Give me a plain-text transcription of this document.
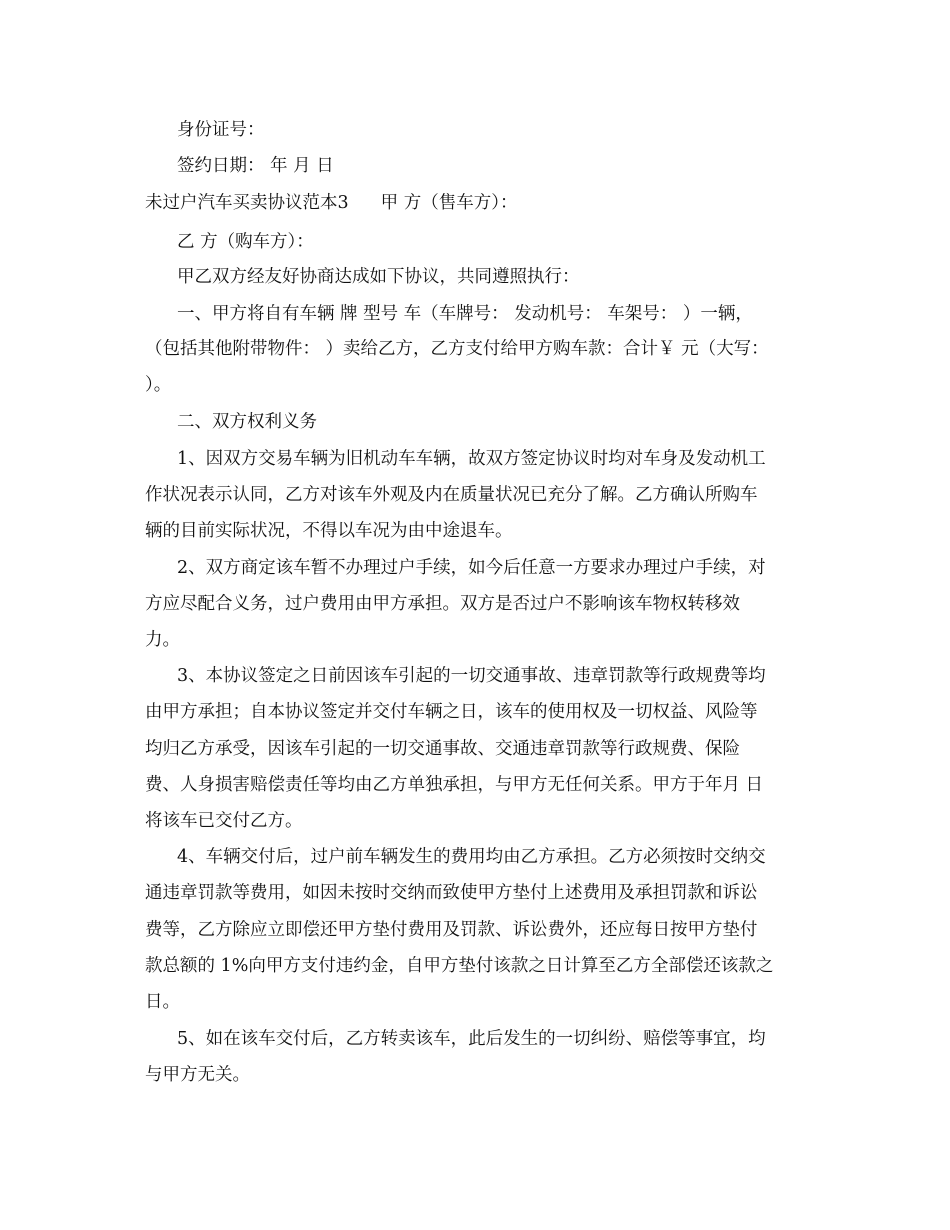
身份证号：
签约日期： 年 月 日
未过户汽车买卖协议范本3 甲 方（售车方）：
乙 方（购车方）：
甲乙双方经友好协商达成如下协议，共同遵照执行：
一、甲方将自有车辆 牌 型号 车（车牌号： 发动机号： 车架号： ）一辆，
（包括其他附带物件： ）卖给乙方，乙方支付给甲方购车款：合计￥ 元（大写：
）。
二、双方权利义务
1、因双方交易车辆为旧机动车车辆，故双方签定协议时均对车身及发动机工
作状况表示认同，乙方对该车外观及内在质量状况已充分了解。乙方确认所购车
辆的目前实际状况，不得以车况为由中途退车。
2、双方商定该车暂不办理过户手续，如今后任意一方要求办理过户手续，对
方应尽配合义务，过户费用由甲方承担。双方是否过户不影响该车物权转移效
力。
3、本协议签定之日前因该车引起的一切交通事故、违章罚款等行政规费等均
由甲方承担；自本协议签定并交付车辆之日，该车的使用权及一切权益、风险等
均归乙方承受，因该车引起的一切交通事故、交通违章罚款等行政规费、保险
费、人身损害赔偿责任等均由乙方单独承担，与甲方无任何关系。甲方于年月 日
将该车已交付乙方。
4、车辆交付后，过户前车辆发生的费用均由乙方承担。乙方必须按时交纳交
通违章罚款等费用，如因未按时交纳而致使甲方垫付上述费用及承担罚款和诉讼
费等，乙方除应立即偿还甲方垫付费用及罚款、诉讼费外，还应每日按甲方垫付
款总额的 1%向甲方支付违约金，自甲方垫付该款之日计算至乙方全部偿还该款之
日。
5、如在该车交付后，乙方转卖该车，此后发生的一切纠纷、赔偿等事宜，均
与甲方无关。
